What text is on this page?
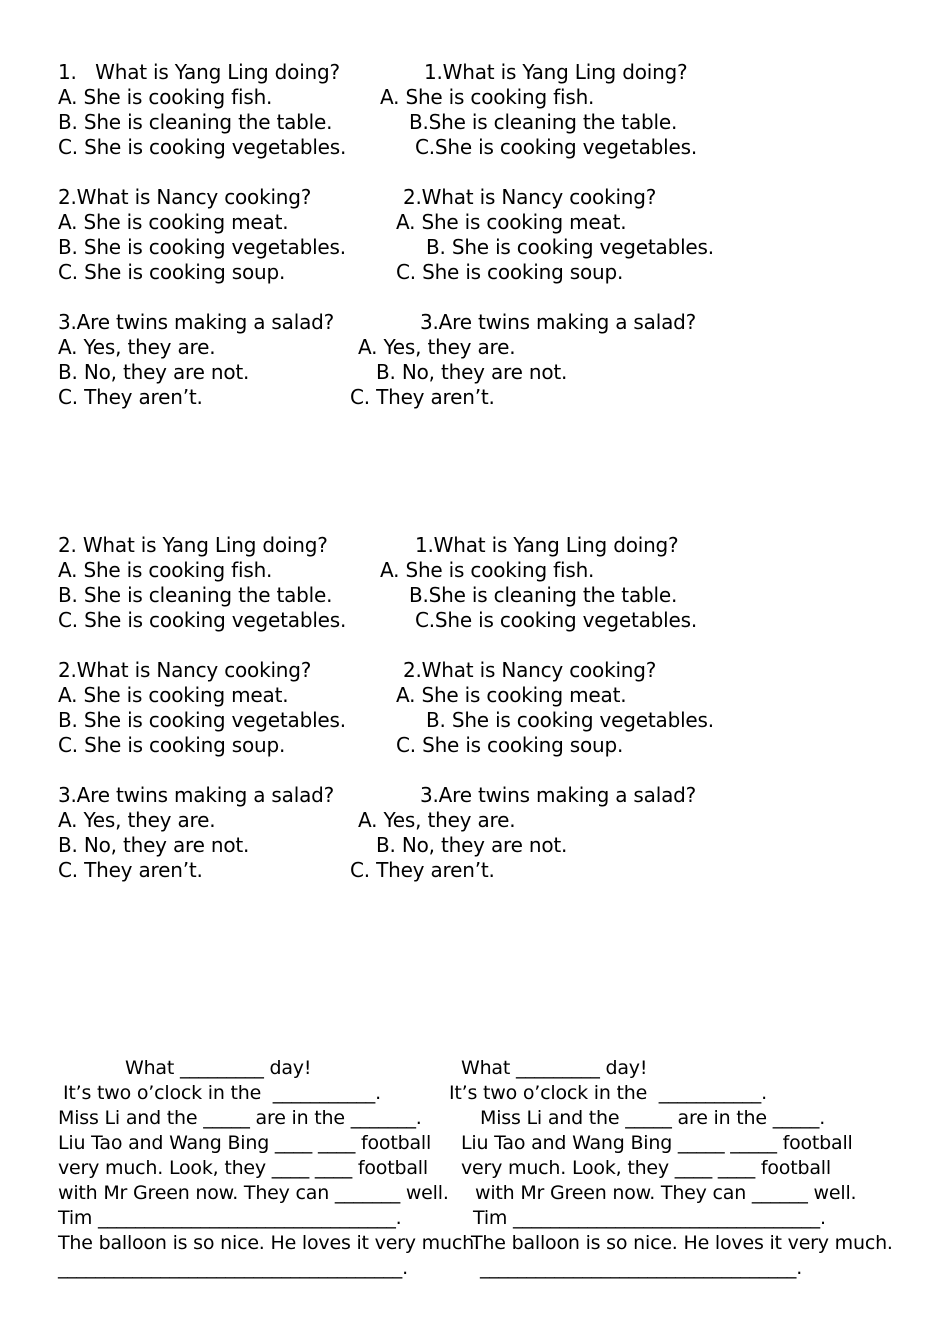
1.   What is Yang Ling doing?
A. She is cooking fish.
B. She is cleaning the table.
C. She is cooking vegetables.
2.What is Nancy cooking?
A. She is cooking meat.
B. She is cooking vegetables.
C. She is cooking soup.
3.Are twins making a salad?
A. Yes, they are.
B. No, they are not.
C. They aren’t.
1.What is Yang Ling doing?
A. She is cooking fish.
B.She is cleaning the table.
C.She is cooking vegetables.
2.What is Nancy cooking?
A. She is cooking meat.
B. She is cooking vegetables.
C. She is cooking soup.
3.Are twins making a salad?
A. Yes, they are.
B. No, they are not.
C. They aren’t.
2. What is Yang Ling doing?
A. She is cooking fish.
B. She is cleaning the table.
C. She is cooking vegetables.
2.What is Nancy cooking?
A. She is cooking meat.
B. She is cooking vegetables.
C. She is cooking soup.
3.Are twins making a salad?
A. Yes, they are.
B. No, they are not.
C. They aren’t.
1.What is Yang Ling doing?
A. She is cooking fish.
B.She is cleaning the table.
C.She is cooking vegetables.
2.What is Nancy cooking?
A. She is cooking meat.
B. She is cooking vegetables.
C. She is cooking soup.
3.Are twins making a salad?
A. Yes, they are.
B. No, they are not.
C. They aren’t.
What _________ day!
It’s two o’clock in the  ___________.
Miss Li and the _____ are in the _______.
Liu Tao and Wang Bing ____ ____ football
very much. Look, they ____ ____ football
with Mr Green now. They can _______ well.
Tim ________________________________.
The balloon is so nice. He loves it very much.
_____________________________________.
What _________ day!
It’s two o’clock in the  ___________.
Miss Li and the _____ are in the _____.
Liu Tao and Wang Bing _____ _____ football
very much. Look, they ____ ____ football
with Mr Green now. They can ______ well.
Tim _________________________________.
The balloon is so nice. He loves it very much.
__________________________________.
